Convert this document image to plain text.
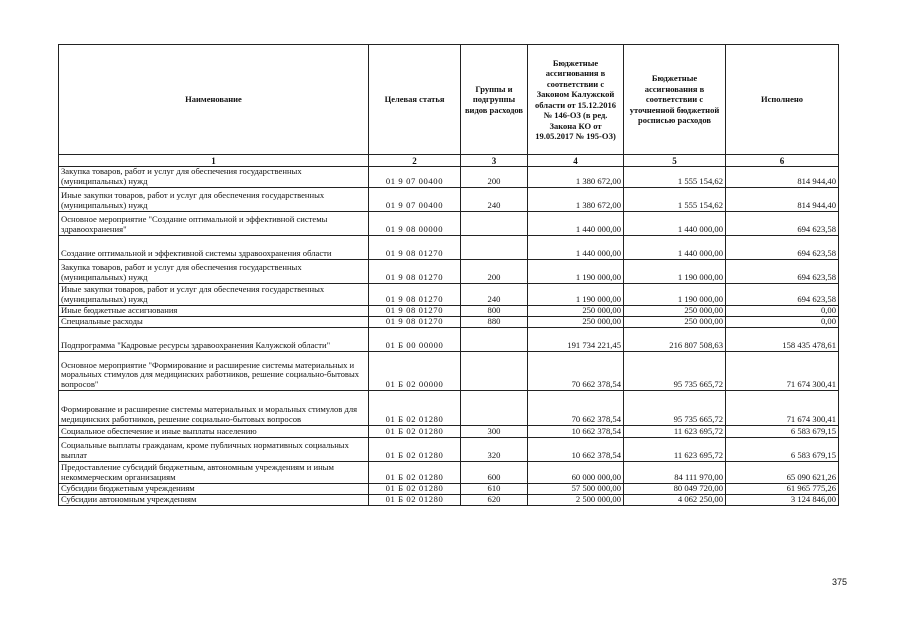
Наименование	Целевая статья	Группы и подгруппы видов расходов	Бюджетные ассигнования в соответствии с Законом Калужской области от 15.12.2016 № 146-ОЗ (в ред. Закона КО от 19.05.2017 № 195-ОЗ)	Бюджетные ассигнования в соответствии с уточненной бюджетной росписью расходов	Исполнено
1	2	3	4	5	6
Закупка товаров, работ и услуг для обеспечения государственных (муниципальных) нужд	01 9 07 00400	200	1 380 672,00	1 555 154,62	814 944,40
Иные закупки товаров, работ и услуг для обеспечения государственных (муниципальных) нужд	01 9 07 00400	240	1 380 672,00	1 555 154,62	814 944,40
Основное мероприятие "Создание оптимальной и эффективной системы здравоохранения"	01 9 08 00000		1 440 000,00	1 440 000,00	694 623,58
Создание оптимальной и эффективной системы здравоохранения области	01 9 08 01270		1 440 000,00	1 440 000,00	694 623,58
Закупка товаров, работ и услуг для обеспечения государственных (муниципальных) нужд	01 9 08 01270	200	1 190 000,00	1 190 000,00	694 623,58
Иные закупки товаров, работ и услуг для обеспечения государственных (муниципальных) нужд	01 9 08 01270	240	1 190 000,00	1 190 000,00	694 623,58
Иные бюджетные ассигнования	01 9 08 01270	800	250 000,00	250 000,00	0,00
Специальные расходы	01 9 08 01270	880	250 000,00	250 000,00	0,00
Подпрограмма "Кадровые ресурсы здравоохранения Калужской области"	01 Б 00 00000		191 734 221,45	216 807 508,63	158 435 478,61
Основное мероприятие "Формирование и расширение системы материальных и моральных стимулов для медицинских работников, решение социально-бытовых вопросов"	01 Б 02 00000		70 662 378,54	95 735 665,72	71 674 300,41
Формирование и расширение системы материальных и моральных стимулов для медицинских работников, решение социально-бытовых вопросов	01 Б 02 01280		70 662 378,54	95 735 665,72	71 674 300,41
Социальное обеспечение и иные выплаты населению	01 Б 02 01280	300	10 662 378,54	11 623 695,72	6 583 679,15
Социальные выплаты гражданам, кроме публичных нормативных социальных выплат	01 Б 02 01280	320	10 662 378,54	11 623 695,72	6 583 679,15
Предоставление субсидий бюджетным, автономным учреждениям и иным некоммерческим организациям	01 Б 02 01280	600	60 000 000,00	84 111 970,00	65 090 621,26
Субсидии бюджетным учреждениям	01 Б 02 01280	610	57 500 000,00	80 049 720,00	61 965 775,26
Субсидии автономным учреждениям	01 Б 02 01280	620	2 500 000,00	4 062 250,00	3 124 846,00
375
